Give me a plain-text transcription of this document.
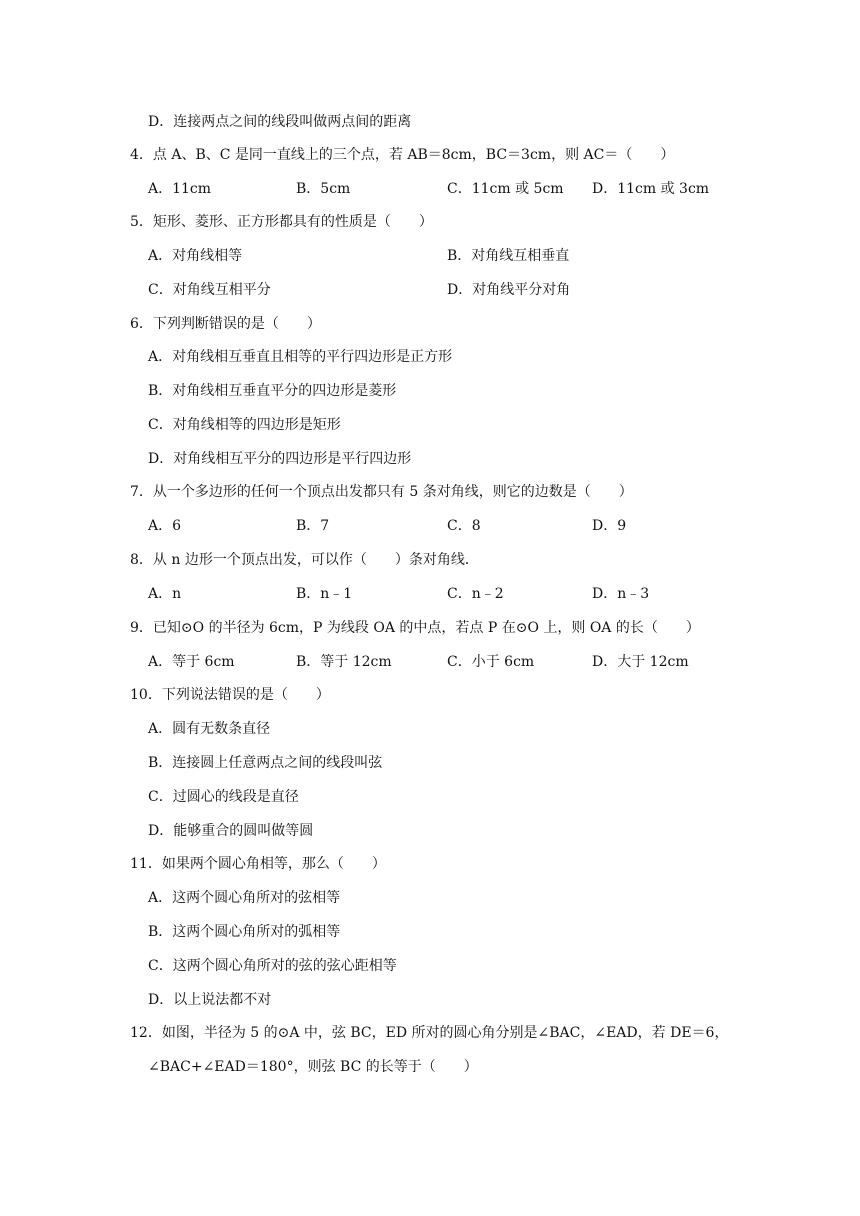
D．连接两点之间的线段叫做两点间的距离
4．点 A、B、C 是同一直线上的三个点，若 AB＝8cm，BC＝3cm，则 AC＝（　　）
A．11cm	B．5cm	C．11cm 或 5cm D．11cm 或 3cm
5．矩形、菱形、正方形都具有的性质是（　　）
A．对角线相等	B．对角线互相垂直
C．对角线互相平分	D．对角线平分对角
6．下列判断错误的是（　　）
A．对角线相互垂直且相等的平行四边形是正方形
B．对角线相互垂直平分的四边形是菱形
C．对角线相等的四边形是矩形
D．对角线相互平分的四边形是平行四边形
7．从一个多边形的任何一个顶点出发都只有 5 条对角线，则它的边数是（　　）
A．6	B．7	C．8	D．9
8．从 n 边形一个顶点出发，可以作（　　）条对角线．
A．n	B．n﹣1	C．n﹣2	D．n﹣3
9．已知⊙O 的半径为 6cm，P 为线段 OA 的中点，若点 P 在⊙O 上，则 OA 的长（　　）
A．等于 6cm	B．等于 12cm	C．小于 6cm	D．大于 12cm
10．下列说法错误的是（　　）
A．圆有无数条直径
B．连接圆上任意两点之间的线段叫弦
C．过圆心的线段是直径
D．能够重合的圆叫做等圆
11．如果两个圆心角相等，那么（　　）
A．这两个圆心角所对的弦相等
B．这两个圆心角所对的弧相等
C．这两个圆心角所对的弦的弦心距相等
D．以上说法都不对
12．如图，半径为 5 的⊙A 中，弦 BC，ED 所对的圆心角分别是∠BAC，∠EAD，若 DE＝6，
∠BAC+∠EAD＝180°，则弦 BC 的长等于（　　）
